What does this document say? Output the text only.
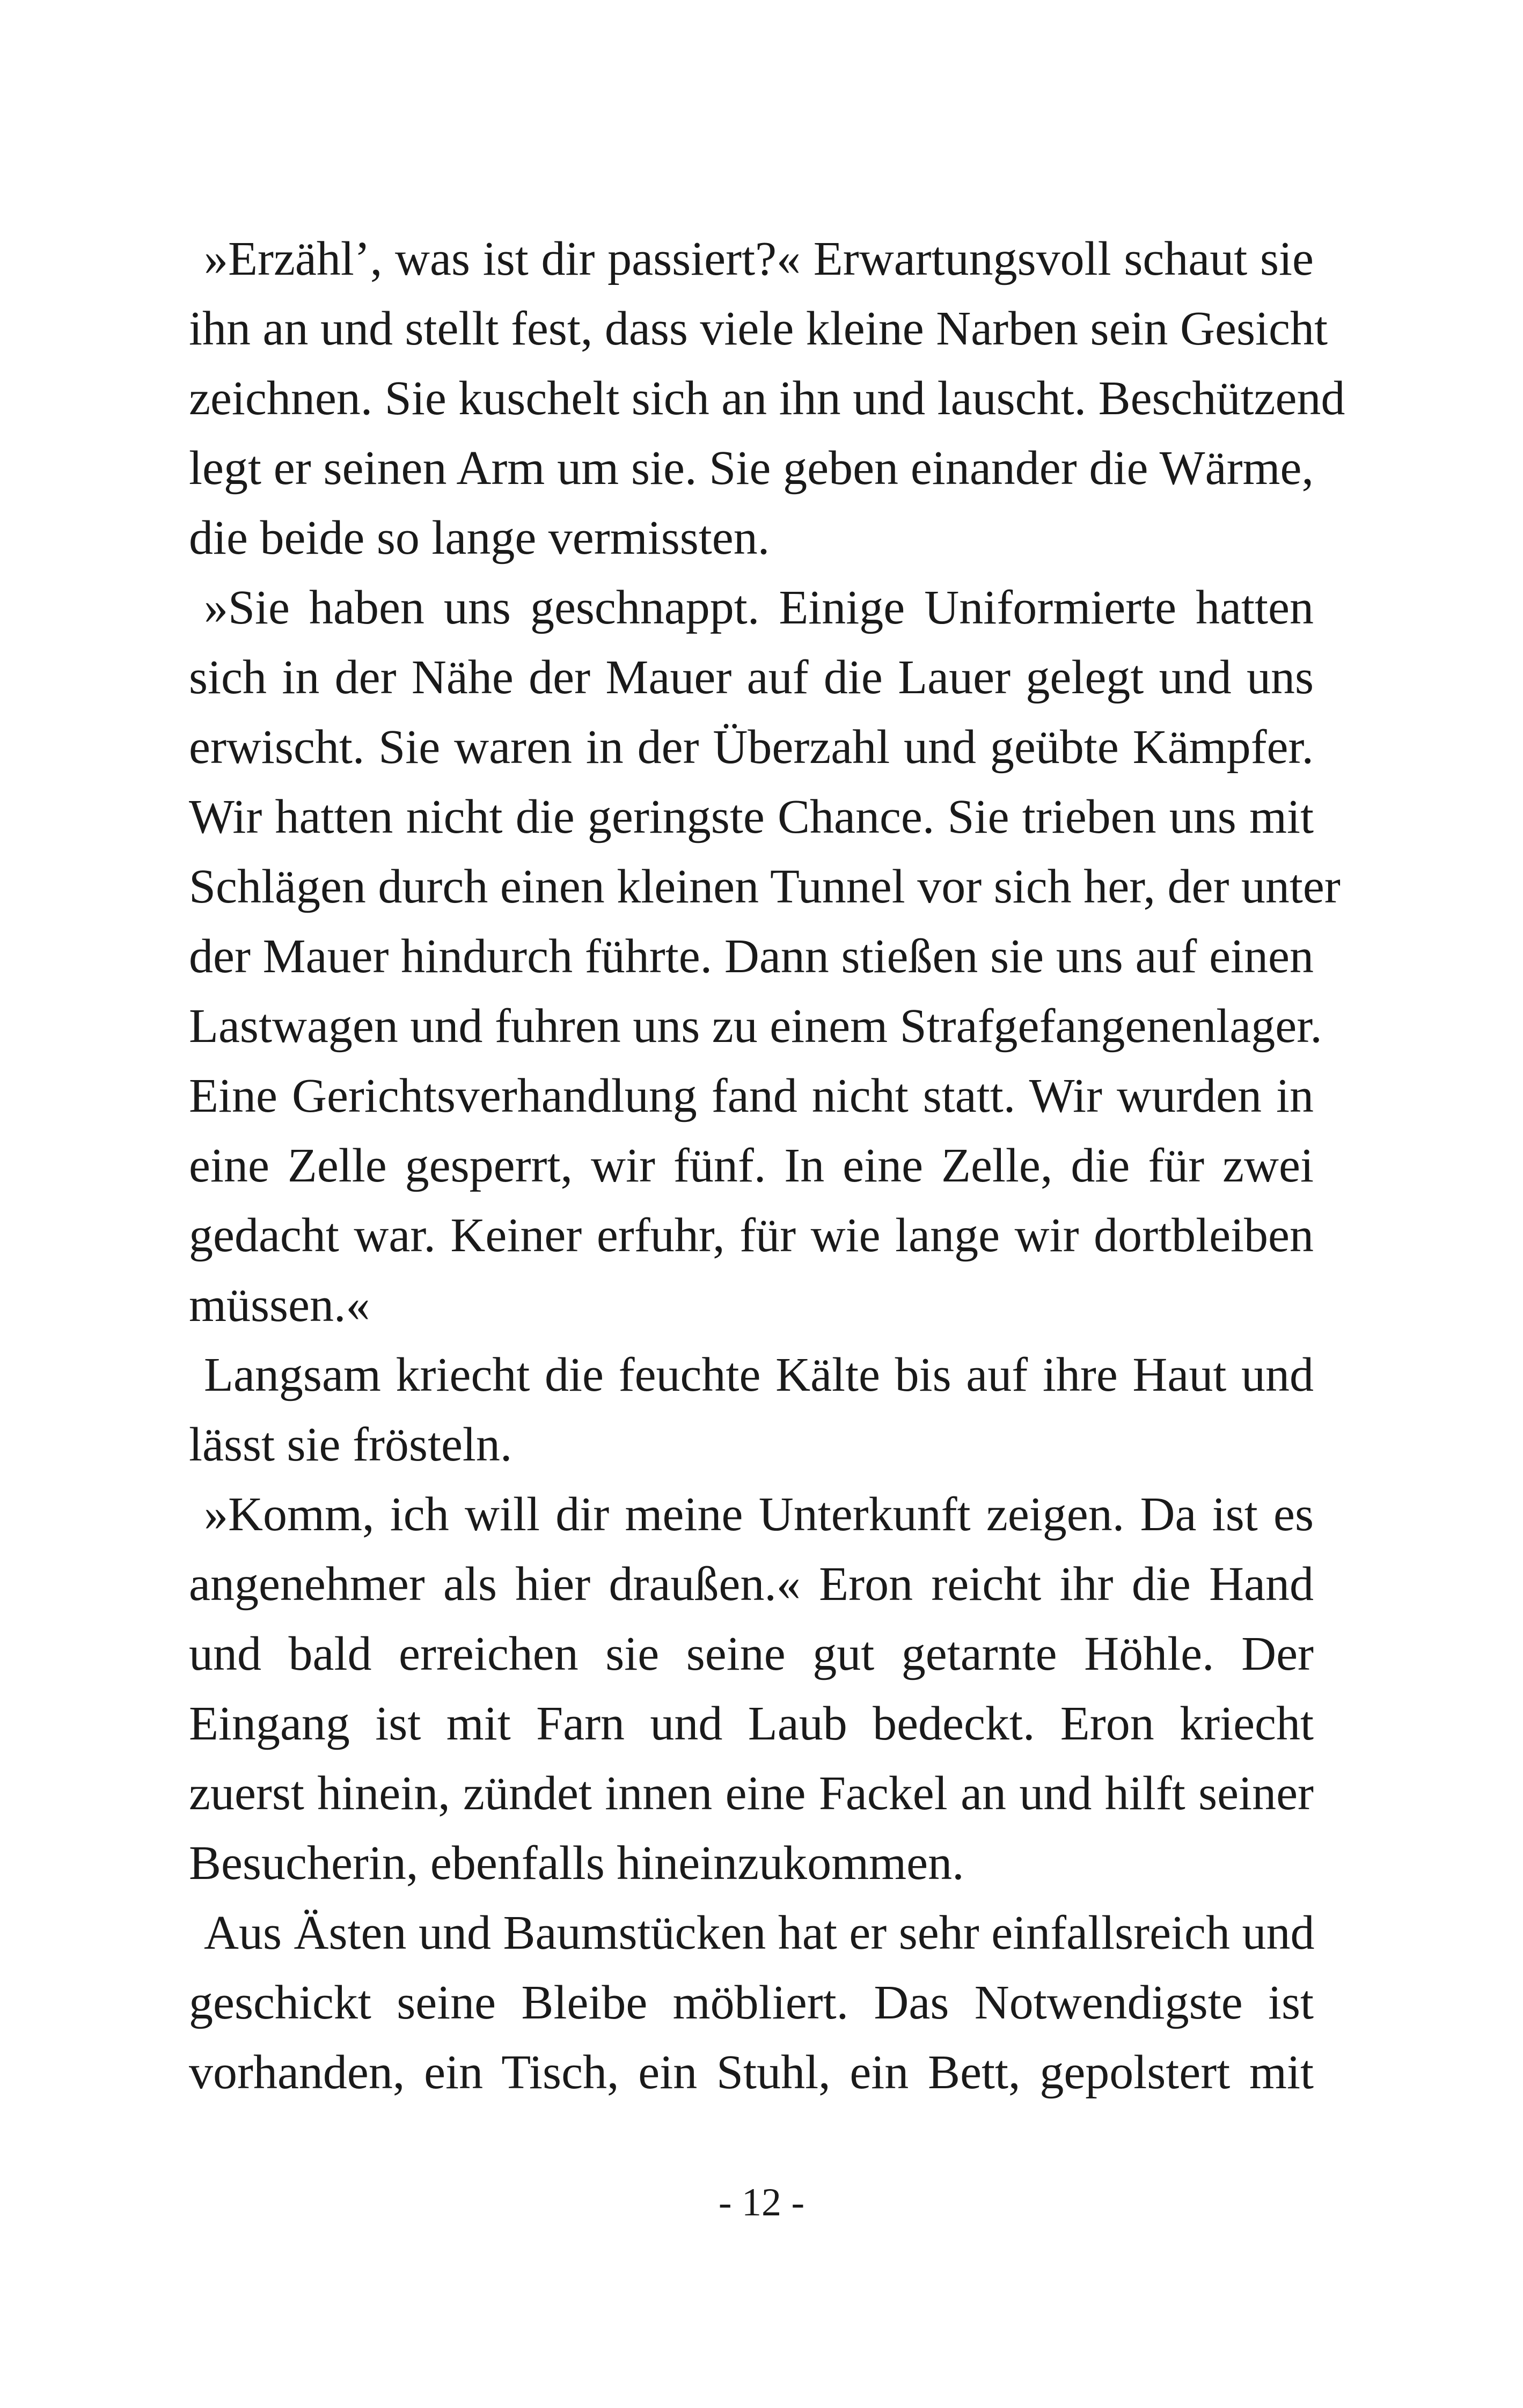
»Erzähl’, was ist dir passiert?« Erwartungsvoll schaut sie
ihn an und stellt fest, dass viele kleine Narben sein Gesicht
zeichnen. Sie kuschelt sich an ihn und lauscht. Beschützend
legt er seinen Arm um sie. Sie geben einander die Wärme,
die beide so lange vermissten.
»Sie haben uns geschnappt. Einige Uniformierte hatten
sich in der Nähe der Mauer auf die Lauer gelegt und uns
erwischt. Sie waren in der Überzahl und geübte Kämpfer.
Wir hatten nicht die geringste Chance. Sie trieben uns mit
Schlägen durch einen kleinen Tunnel vor sich her, der unter
der Mauer hindurch führte. Dann stießen sie uns auf einen
Lastwagen und fuhren uns zu einem Strafgefangenenlager.
Eine Gerichtsverhandlung fand nicht statt. Wir wurden in
eine Zelle gesperrt, wir fünf. In eine Zelle, die für zwei
gedacht war. Keiner erfuhr, für wie lange wir dortbleiben
müssen.«
Langsam kriecht die feuchte Kälte bis auf ihre Haut und
lässt sie frösteln.
»Komm, ich will dir meine Unterkunft zeigen. Da ist es
angenehmer als hier draußen.« Eron reicht ihr die Hand
und bald erreichen sie seine gut getarnte Höhle. Der
Eingang ist mit Farn und Laub bedeckt. Eron kriecht
zuerst hinein, zündet innen eine Fackel an und hilft seiner
Besucherin, ebenfalls hineinzukommen.
Aus Ästen und Baumstücken hat er sehr einfallsreich und
geschickt seine Bleibe möbliert. Das Notwendigste ist
vorhanden, ein Tisch, ein Stuhl, ein Bett, gepolstert mit
- 12 -
